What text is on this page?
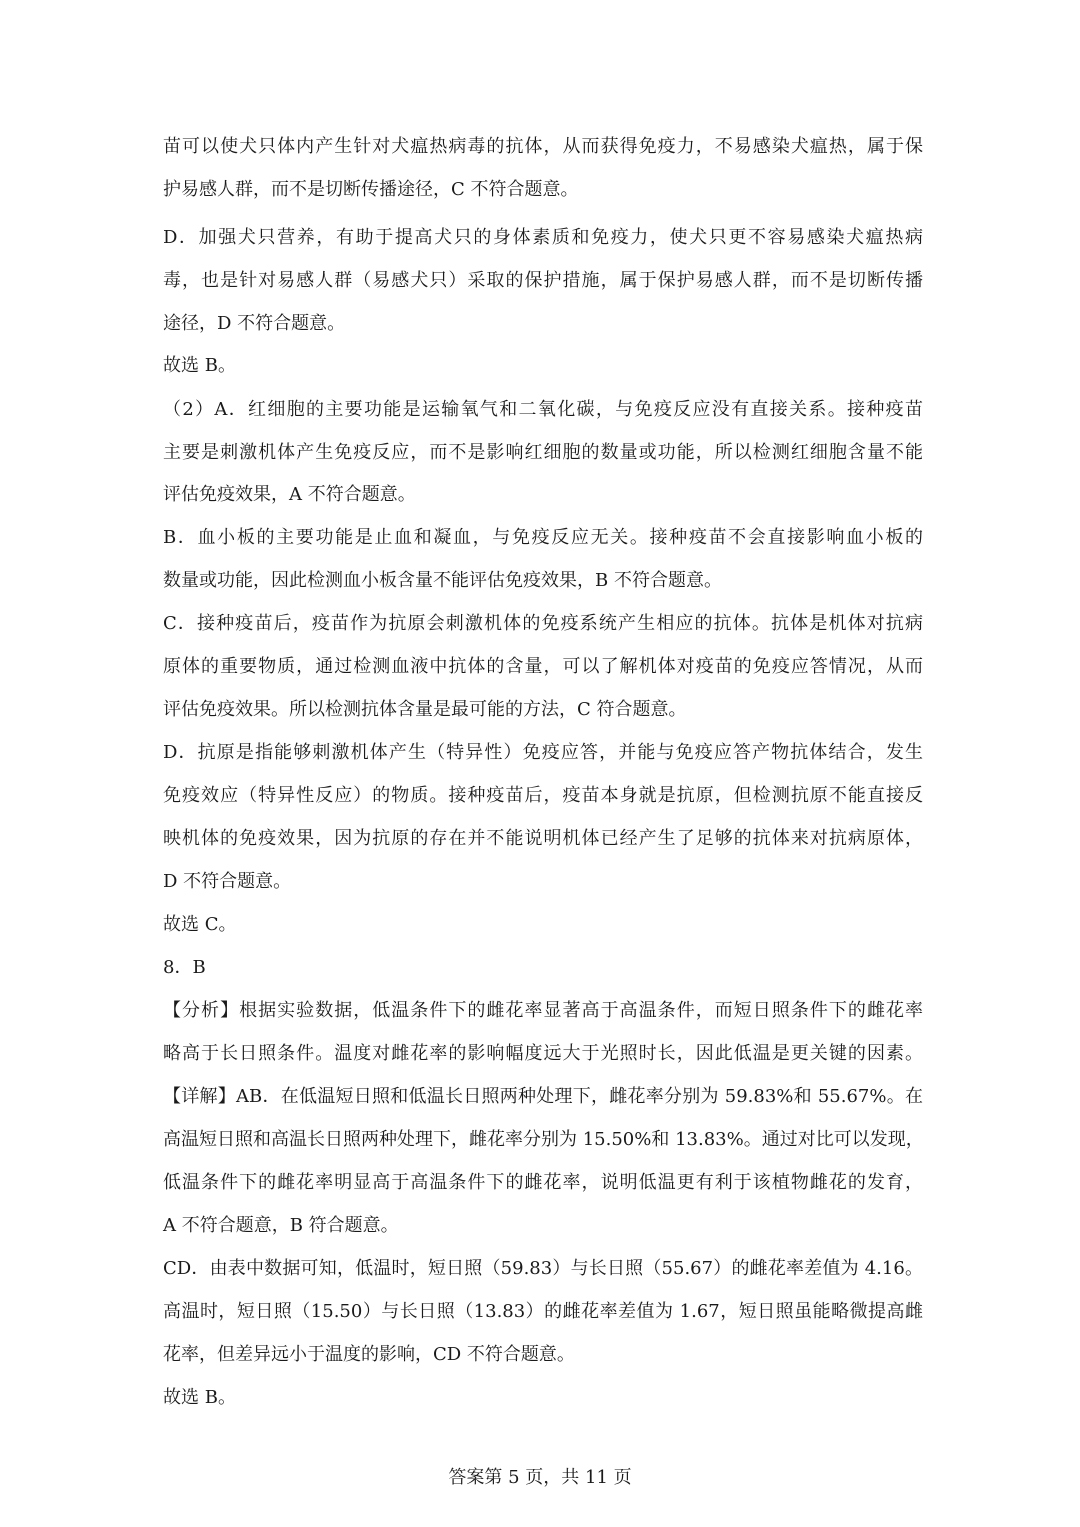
苗可以使犬只体内产生针对犬瘟热病毒的抗体，从而获得免疫力，不易感染犬瘟热，属于保
护易感人群，而不是切断传播途径，C 不符合题意。
D．加强犬只营养，有助于提高犬只的身体素质和免疫力，使犬只更不容易感染犬瘟热病
毒，也是针对易感人群（易感犬只）采取的保护措施，属于保护易感人群，而不是切断传播
途径，D 不符合题意。
故选 B。
（2）A．红细胞的主要功能是运输氧气和二氧化碳，与免疫反应没有直接关系。接种疫苗
主要是刺激机体产生免疫反应，而不是影响红细胞的数量或功能，所以检测红细胞含量不能
评估免疫效果，A 不符合题意。
B．血小板的主要功能是止血和凝血，与免疫反应无关。接种疫苗不会直接影响血小板的
数量或功能，因此检测血小板含量不能评估免疫效果，B 不符合题意。
C．接种疫苗后，疫苗作为抗原会刺激机体的免疫系统产生相应的抗体。抗体是机体对抗病
原体的重要物质，通过检测血液中抗体的含量，可以了解机体对疫苗的免疫应答情况，从而
评估免疫效果。所以检测抗体含量是最可能的方法，C 符合题意。
D．抗原是指能够刺激机体产生（特异性）免疫应答，并能与免疫应答产物抗体结合，发生
免疫效应（特异性反应）的物质。接种疫苗后，疫苗本身就是抗原，但检测抗原不能直接反
映机体的免疫效果，因为抗原的存在并不能说明机体已经产生了足够的抗体来对抗病原体，
D 不符合题意。
故选 C。
8．B
【分析】根据实验数据，低温条件下的雌花率显著高于高温条件，而短日照条件下的雌花率
略高于长日照条件。温度对雌花率的影响幅度远大于光照时长，因此低温是更关键的因素。
【详解】AB．在低温短日照和低温长日照两种处理下，雌花率分别为 59.83%和 55.67%。在
高温短日照和高温长日照两种处理下，雌花率分别为 15.50%和 13.83%。通过对比可以发现，
低温条件下的雌花率明显高于高温条件下的雌花率，说明低温更有利于该植物雌花的发育，
A 不符合题意，B 符合题意。
CD．由表中数据可知，低温时，短日照（59.83）与长日照（55.67）的雌花率差值为 4.16。
高温时，短日照（15.50）与长日照（13.83）的雌花率差值为 1.67，短日照虽能略微提高雌
花率，但差异远小于温度的影响，CD 不符合题意。
故选 B。
答案第 5 页，共 11 页
